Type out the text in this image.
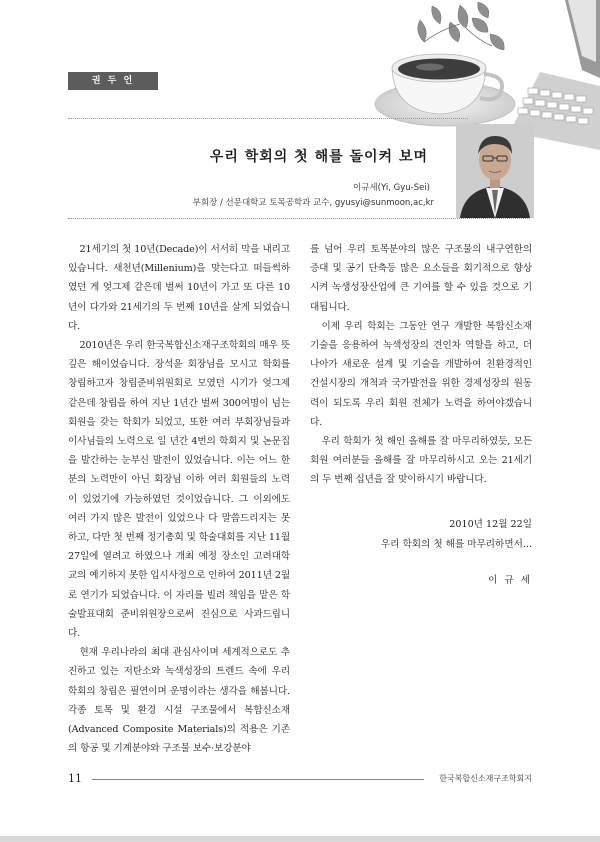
권 두 언
우리 학회의 첫 해를 돌이켜 보며
이규세(Yi, Gyu-Sei)
부회장 / 선문대학교 토목공학과 교수, gyusyi@sunmoon,ac,kr

21세기의 첫 10년(Decade)이 서서히 막을 내리고 있습니다. 새천년(Millenium)을 맞는다고 떠들썩하였던 게 엊그제 같은데 벌써 10년이 가고 또 다른 10년이 다가와 21세기의 두 번째 10년을 살게 되었습니다.

2010년은 우리 한국복합신소재구조학회의 매우 뜻 깊은 해이었습니다. 장석윤 회장님을 모시고 학회를 창립하고자 창립준비위원회로 모였던 시기가 엊그제 같은데 창립을 하여 지난 1년간 벌써 300여명이 넘는 회원을 갖는 학회가 되었고, 또한 여러 부회장님들과 이사님들의 노력으로 일 년간 4번의 학회지 및 논문집을 발간하는 눈부신 발전이 있었습니다. 이는 어느 한 분의 노력만이 아닌 회장님 이하 여러 회원들의 노력이 있었기에 가능하였던 것이었습니다. 그 이외에도 여러 가지 많은 발전이 있었으나 다 말씀드리지는 못하고, 다만 첫 번째 정기총회 및 학술대회를 지난 11월 27일에 열려고 하였으나 개최 예정 장소인 고려대학교의 예기하지 못한 입시사정으로 인하여 2011년 2월로 연기가 되었습니다. 이 자리를 빌려 책임을 맡은 학술발표대회 준비위원장으로써 진심으로 사과드립니다.

현재 우리나라의 최대 관심사이며 세계적으로도 추진하고 있는 저탄소와 녹색성장의 트렌드 속에 우리 학회의 창립은 필연이며 운명이라는 생각을 해봅니다. 각종 토목 및 환경 시설 구조물에서 복합신소재(Advanced Composite Materials)의 적용은 기존의 항공 및 기계분야와 구조물 보수·보강분야

를 넘어 우리 토목분야의 많은 구조물의 내구연한의 증대 및 공기 단축등 많은 요소들을 회기적으로 향상시켜 녹생성장산업에 큰 기여를 할 수 있을 것으로 기대됩니다.

이제 우리 학회는 그동안 연구 개발한 복합신소재 기술을 응용하여 녹색성장의 견인차 역할을 하고, 더 나아가 새로운 설계 및 기술을 개발하여 친환경적인 건설시장의 개척과 국가발전을 위한 경제성장의 원동력이 되도록 우리 회원 전체가 노력을 하여야겠습니다.

우리 학회가 첫 해인 올해를 잘 마무리하였듯, 모든 회원 여러분들 올해를 잘 마무리하시고 오는 21세기의 두 번째 십년을 잘 맞이하시기 바랍니다.

2010년 12월 22일
우리 학회의 첫 해를 마무리하면서...
이 규 세
11	한국복합신소재구조학회지
